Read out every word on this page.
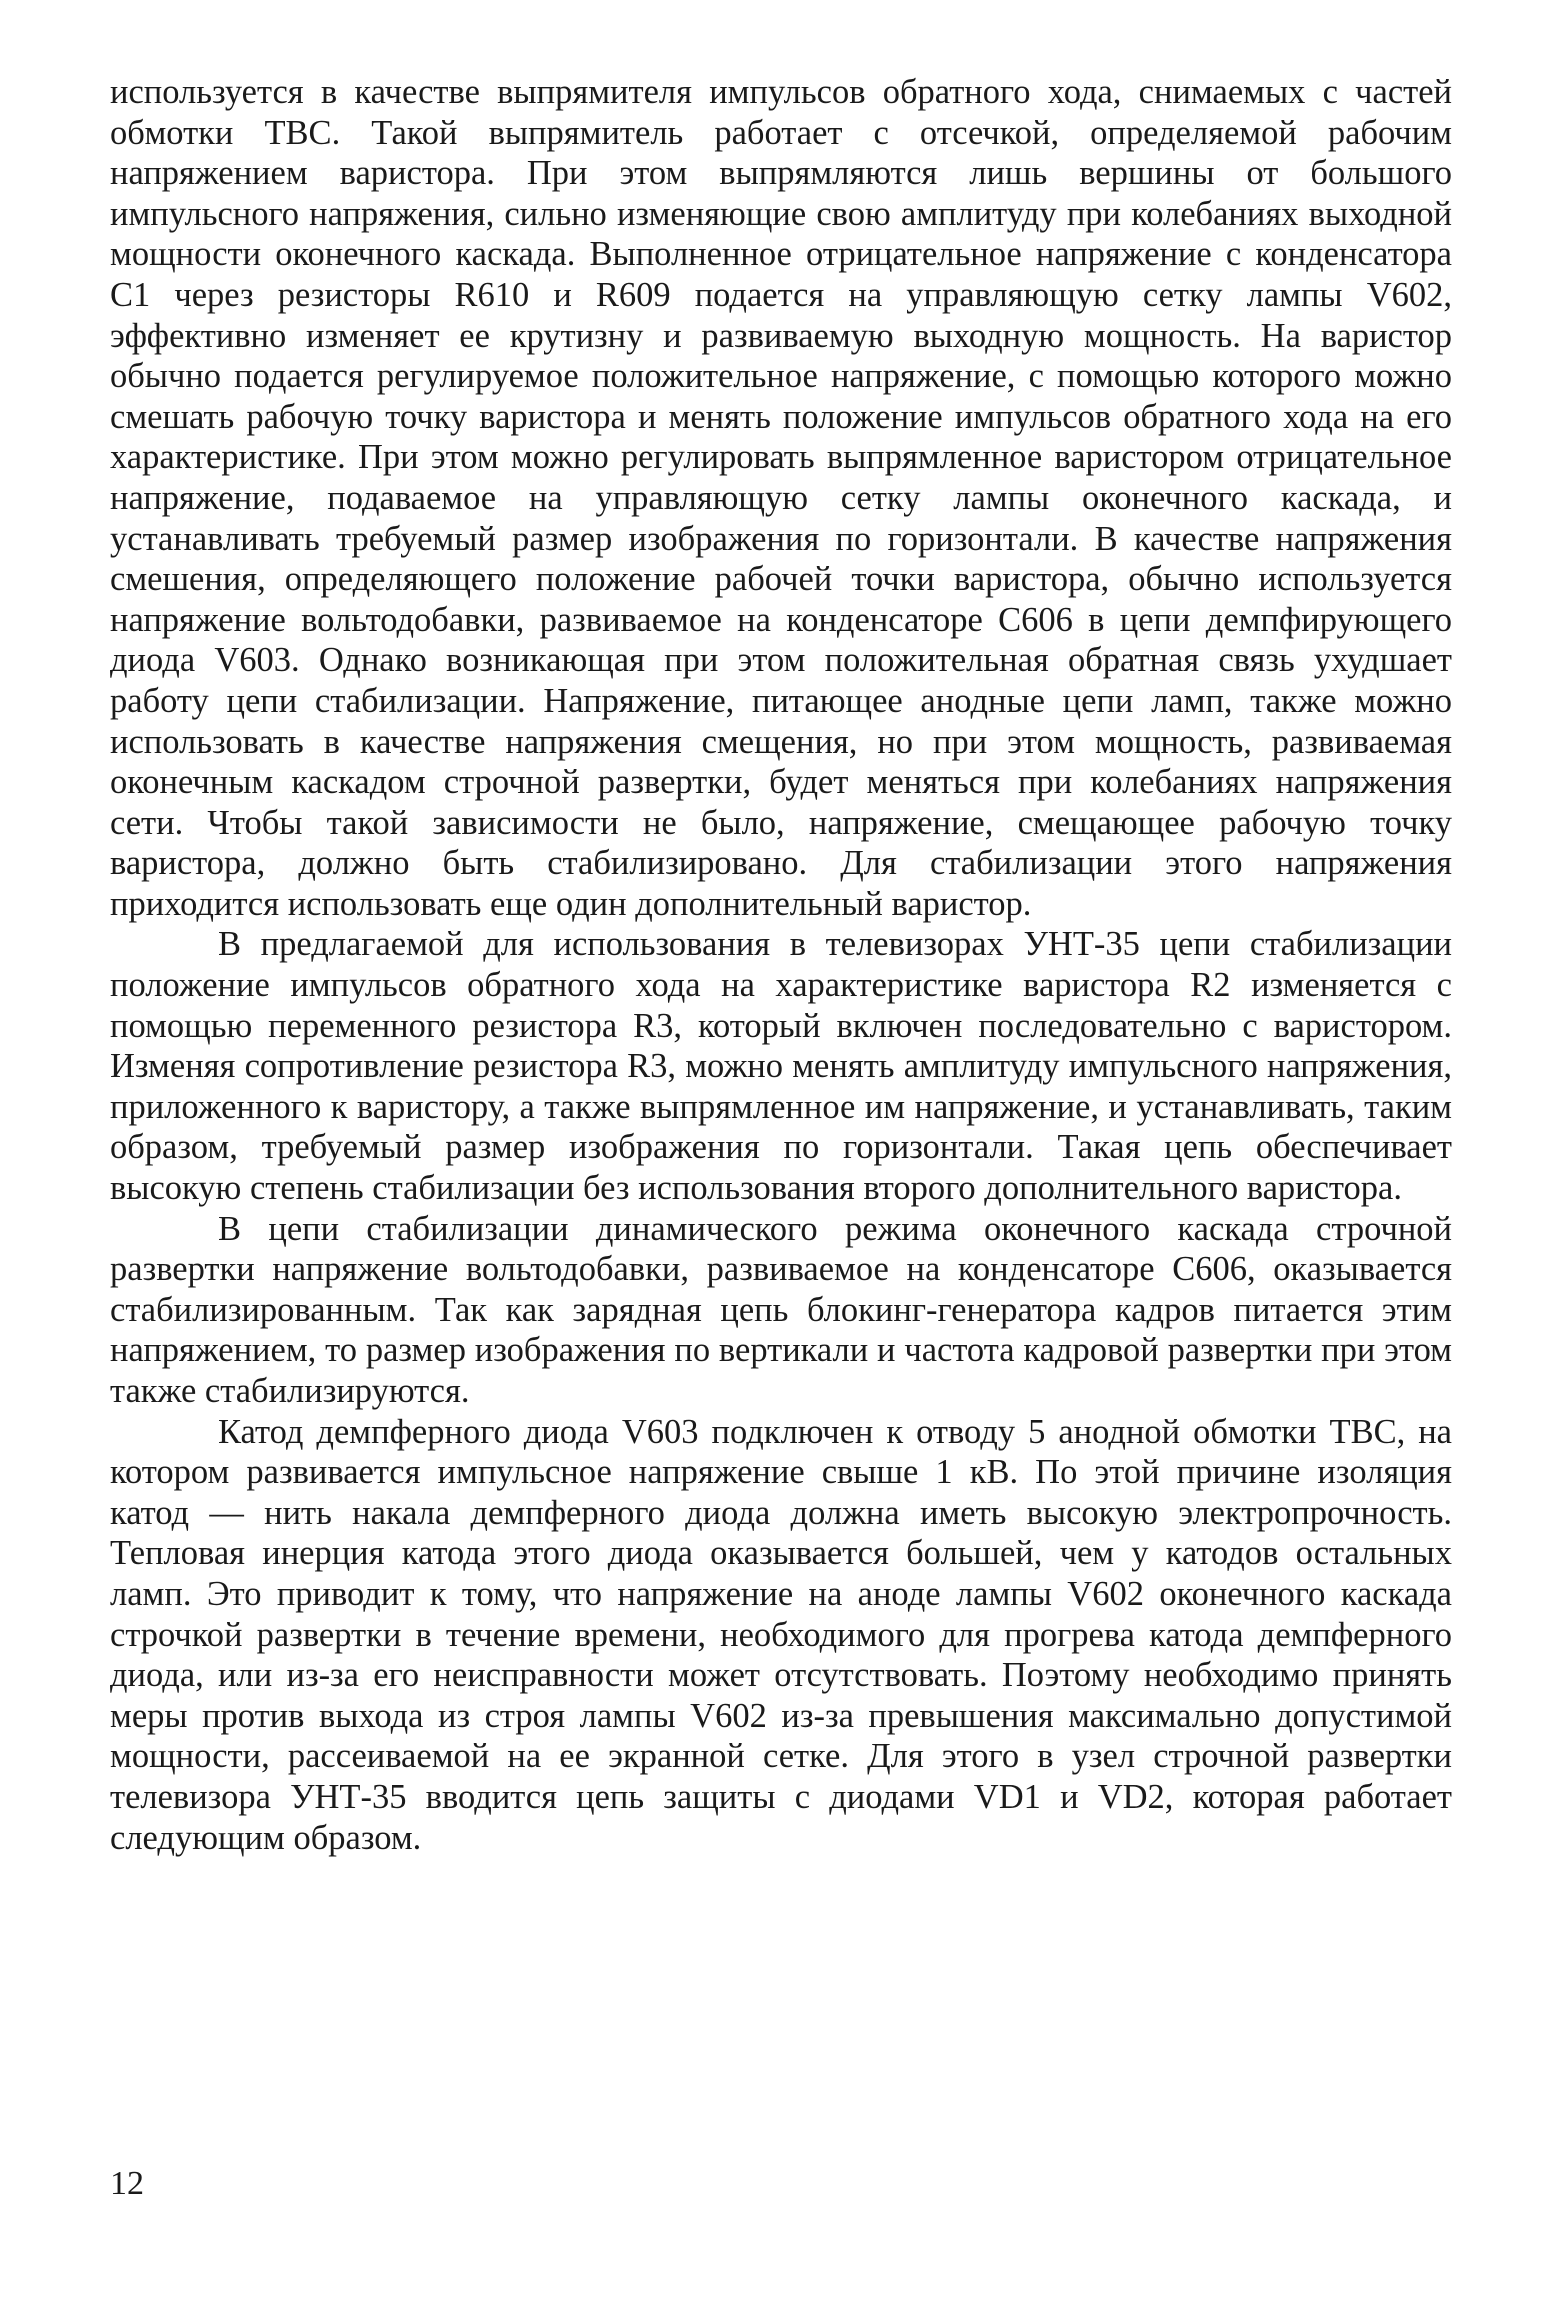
используется в качестве выпрямителя импульсов обратного хода, снимаемых с частей обмотки ТВС. Такой выпрямитель работает с отсечкой, определяемой рабочим напряжением варистора. При этом выпрямляются лишь вершины от большого импульсного напряжения, сильно изменяющие свою амплитуду при колебаниях выходной мощности оконечного каскада. Выполненное отрицательное напряжение с конденсатора С1 через резисторы R610 и R609 подается на управляющую сетку лампы V602, эффективно изменяет ее крутизну и развиваемую выходную мощность. На варистор обычно подается регулируемое положительное напряжение, с помощью которого можно смешать рабочую точку варистора и менять положение импульсов обратного хода на его характеристике. При этом можно регулировать выпрямленное варистором отрицательное напряжение, подаваемое на управляющую сетку лампы оконечного каскада, и устанавливать требуемый размер изображения по горизонтали. В качестве напряжения смешения, определяющего положение рабочей точки варистора, обычно используется напряжение вольтодобавки, развиваемое на конденсаторе С606 в цепи демпфирующего диода V603. Однако возникающая при этом положительная обратная связь ухудшает работу цепи стабилизации. Напряжение, питающее анодные цепи ламп, также можно использовать в качестве напряжения смещения, но при этом мощность, развиваемая оконечным каскадом строчной развертки, будет меняться при колебаниях напряжения сети. Чтобы такой зависимости не было, напряжение, смещающее рабочую точку варистора, должно быть стабилизировано. Для стабилизации этого напряжения приходится использовать еще один дополнительный варистор.

В предлагаемой для использования в телевизорах УНТ-35 цепи стабилизации положение импульсов обратного хода на характеристике варистора R2 изменяется с помощью переменного резистора R3, который включен последовательно с варистором. Изменяя сопротивление резистора R3, можно менять амплитуду импульсного напряжения, приложенного к варистору, а также выпрямленное им напряжение, и устанавливать, таким образом, требуемый размер изображения по горизонтали. Такая цепь обеспечивает высокую степень стабилизации без использования второго дополнительного варистора.

В цепи стабилизации динамического режима оконечного каскада строчной развертки напряжение вольтодобавки, развиваемое на конденсаторе С606, оказывается стабилизированным. Так как зарядная цепь блокинг-генератора кадров питается этим напряжением, то размер изображения по вертикали и частота кадровой развертки при этом также стабилизируются.

Катод демпферного диода V603 подключен к отводу 5 анодной обмотки ТВС, на котором развивается импульсное напряжение свыше 1 кВ. По этой причине изоляция катод — нить накала демпферного диода должна иметь высокую электропрочность. Тепловая инерция катода этого диода оказывается большей, чем у катодов остальных ламп. Это приводит к тому, что напряжение на аноде лампы V602 оконечного каскада строчкой развертки в течение времени, необходимого для прогрева катода демпферного диода, или из-за его неисправности может отсутствовать. Поэтому необходимо принять меры против выхода из строя лампы V602 из-за превышения максимально допустимой мощности, рассеиваемой на ее экранной сетке. Для этого в узел строчной развертки телевизора УНТ-35 вводится цепь защиты с диодами VD1 и VD2, которая работает следующим образом.

12
